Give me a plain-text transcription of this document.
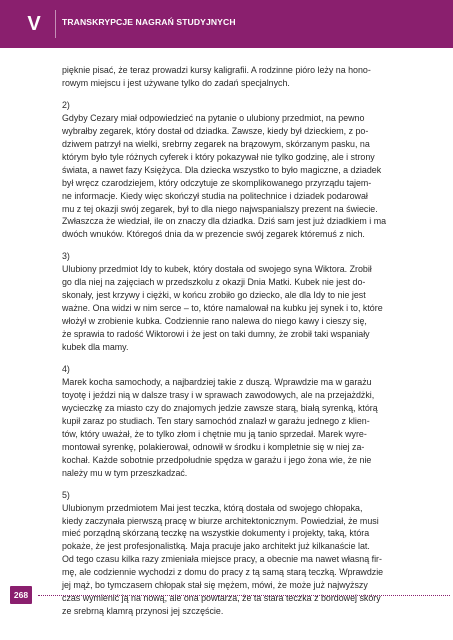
V	TRANSKRYPCJE NAGRAŃ STUDYJNYCH

pięknie pisać, że teraz prowadzi kursy kaligrafii. A rodzinne pióro leży na hono-

rowym miejscu i jest używane tylko do zadań specjalnych.

2)

Gdyby Cezary miał odpowiedzieć na pytanie o ulubiony przedmiot, na pewno

wybrałby zegarek, który dostał od dziadka. Zawsze, kiedy był dzieckiem, z po-

dziwem patrzył na wielki, srebrny zegarek na brązowym, skórzanym pasku, na

którym było tyle różnych cyferek i który pokazywał nie tylko godzinę, ale i strony

świata, a nawet fazy Księżyca. Dla dziecka wszystko to było magiczne, a dziadek

był wręcz czarodziejem, który odczytuje ze skomplikowanego przyrządu tajem-

ne informacje. Kiedy więc skończył studia na politechnice i dziadek podarował

mu z tej okazji swój zegarek, był to dla niego najwspanialszy prezent na świecie.

Zwłaszcza że wiedział, ile on znaczy dla dziadka. Dziś sam jest już dziadkiem i ma

dwóch wnuków. Któregoś dnia da w prezencie swój zegarek któremuś z nich.

3)

Ulubiony przedmiot Idy to kubek, który dostała od swojego syna Wiktora. Zrobił

go dla niej na zajęciach w przedszkolu z okazji Dnia Matki. Kubek nie jest do-

skonały, jest krzywy i ciężki, w końcu zrobiło go dziecko, ale dla Idy to nie jest

ważne. Ona widzi w nim serce – to, które namalował na kubku jej synek i to, które

włożył w zrobienie kubka. Codziennie rano nalewa do niego kawy i cieszy się,

że sprawia to radość Wiktorowi i że jest on taki dumny, że zrobił taki wspaniały

kubek dla mamy.

4)

Marek kocha samochody, a najbardziej takie z duszą. Wprawdzie ma w garażu

toyotę i jeździ nią w dalsze trasy i w sprawach zawodowych, ale na przejażdżki,

wycieczkę za miasto czy do znajomych jedzie zawsze starą, białą syrenką, którą

kupił zaraz po studiach. Ten stary samochód znalazł w garażu jednego z klien-

tów, który uważał, że to tylko złom i chętnie mu ją tanio sprzedał. Marek wyre-

montował syrenkę, polakierował, odnowił w środku i kompletnie się w niej za-

kochał. Każde sobotnie przedpołudnie spędza w garażu i jego żona wie, że nie

należy mu w tym przeszkadzać.

5)

Ulubionym przedmiotem Mai jest teczka, którą dostała od swojego chłopaka,

kiedy zaczynała pierwszą pracę w biurze architektonicznym. Powiedział, że musi

mieć porządną skórzaną teczkę na wszystkie dokumenty i projekty, taką, która

pokaże, że jest profesjonalistką. Maja pracuje jako architekt już kilkanaście lat.

Od tego czasu kilka razy zmieniała miejsce pracy, a obecnie ma nawet własną fir-

mę, ale codziennie wychodzi z domu do pracy z tą samą starą teczką. Wprawdzie

jej mąż, bo tymczasem chłopak stał się mężem, mówi, że może już najwyższy

czas wymienić ją na nową, ale ona powtarza, że ta stara teczka z bordowej skóry

ze srebrną klamrą przynosi jej szczęście.

268
